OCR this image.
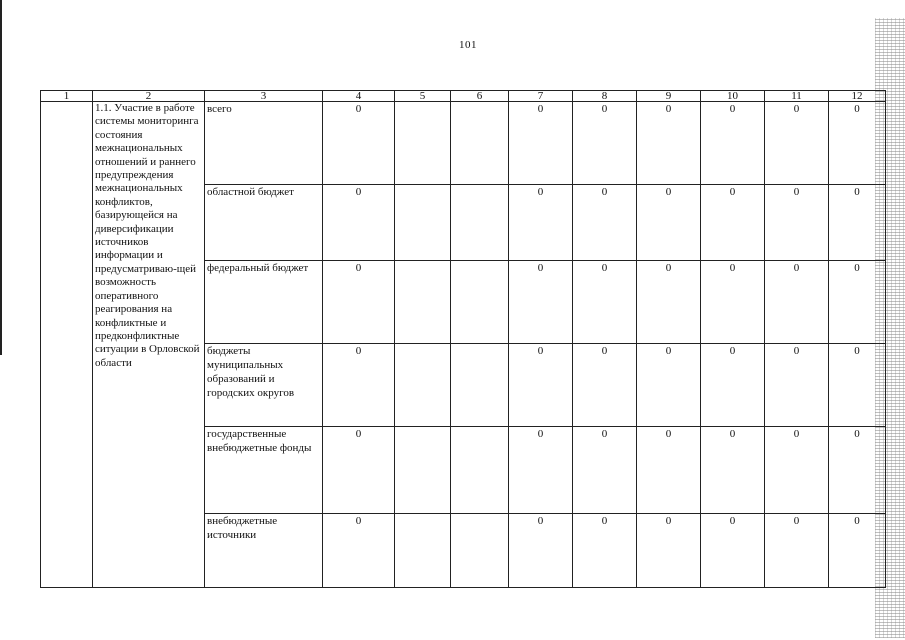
101
1	2	3	4	5	6	7	8	9	10	11	12
	1.1. Участие в работе системы мониторинга состояния межнациональных отношений и раннего предупреждения межнациональных конфликтов, базирующейся на диверсификации источников информации и предусматриваю-щей возможность оперативного реагирования на конфликтные и предконфликтные ситуации в Орловской области	всего	0			0	0	0	0	0	0
		областной бюджет	0			0	0	0	0	0	0
		федеральный бюджет	0			0	0	0	0	0	0
		бюджеты муниципальных образований и городских округов	0			0	0	0	0	0	0
		государственные внебюджетные фонды	0			0	0	0	0	0	0
		внебюджетные источники	0			0	0	0	0	0	0
